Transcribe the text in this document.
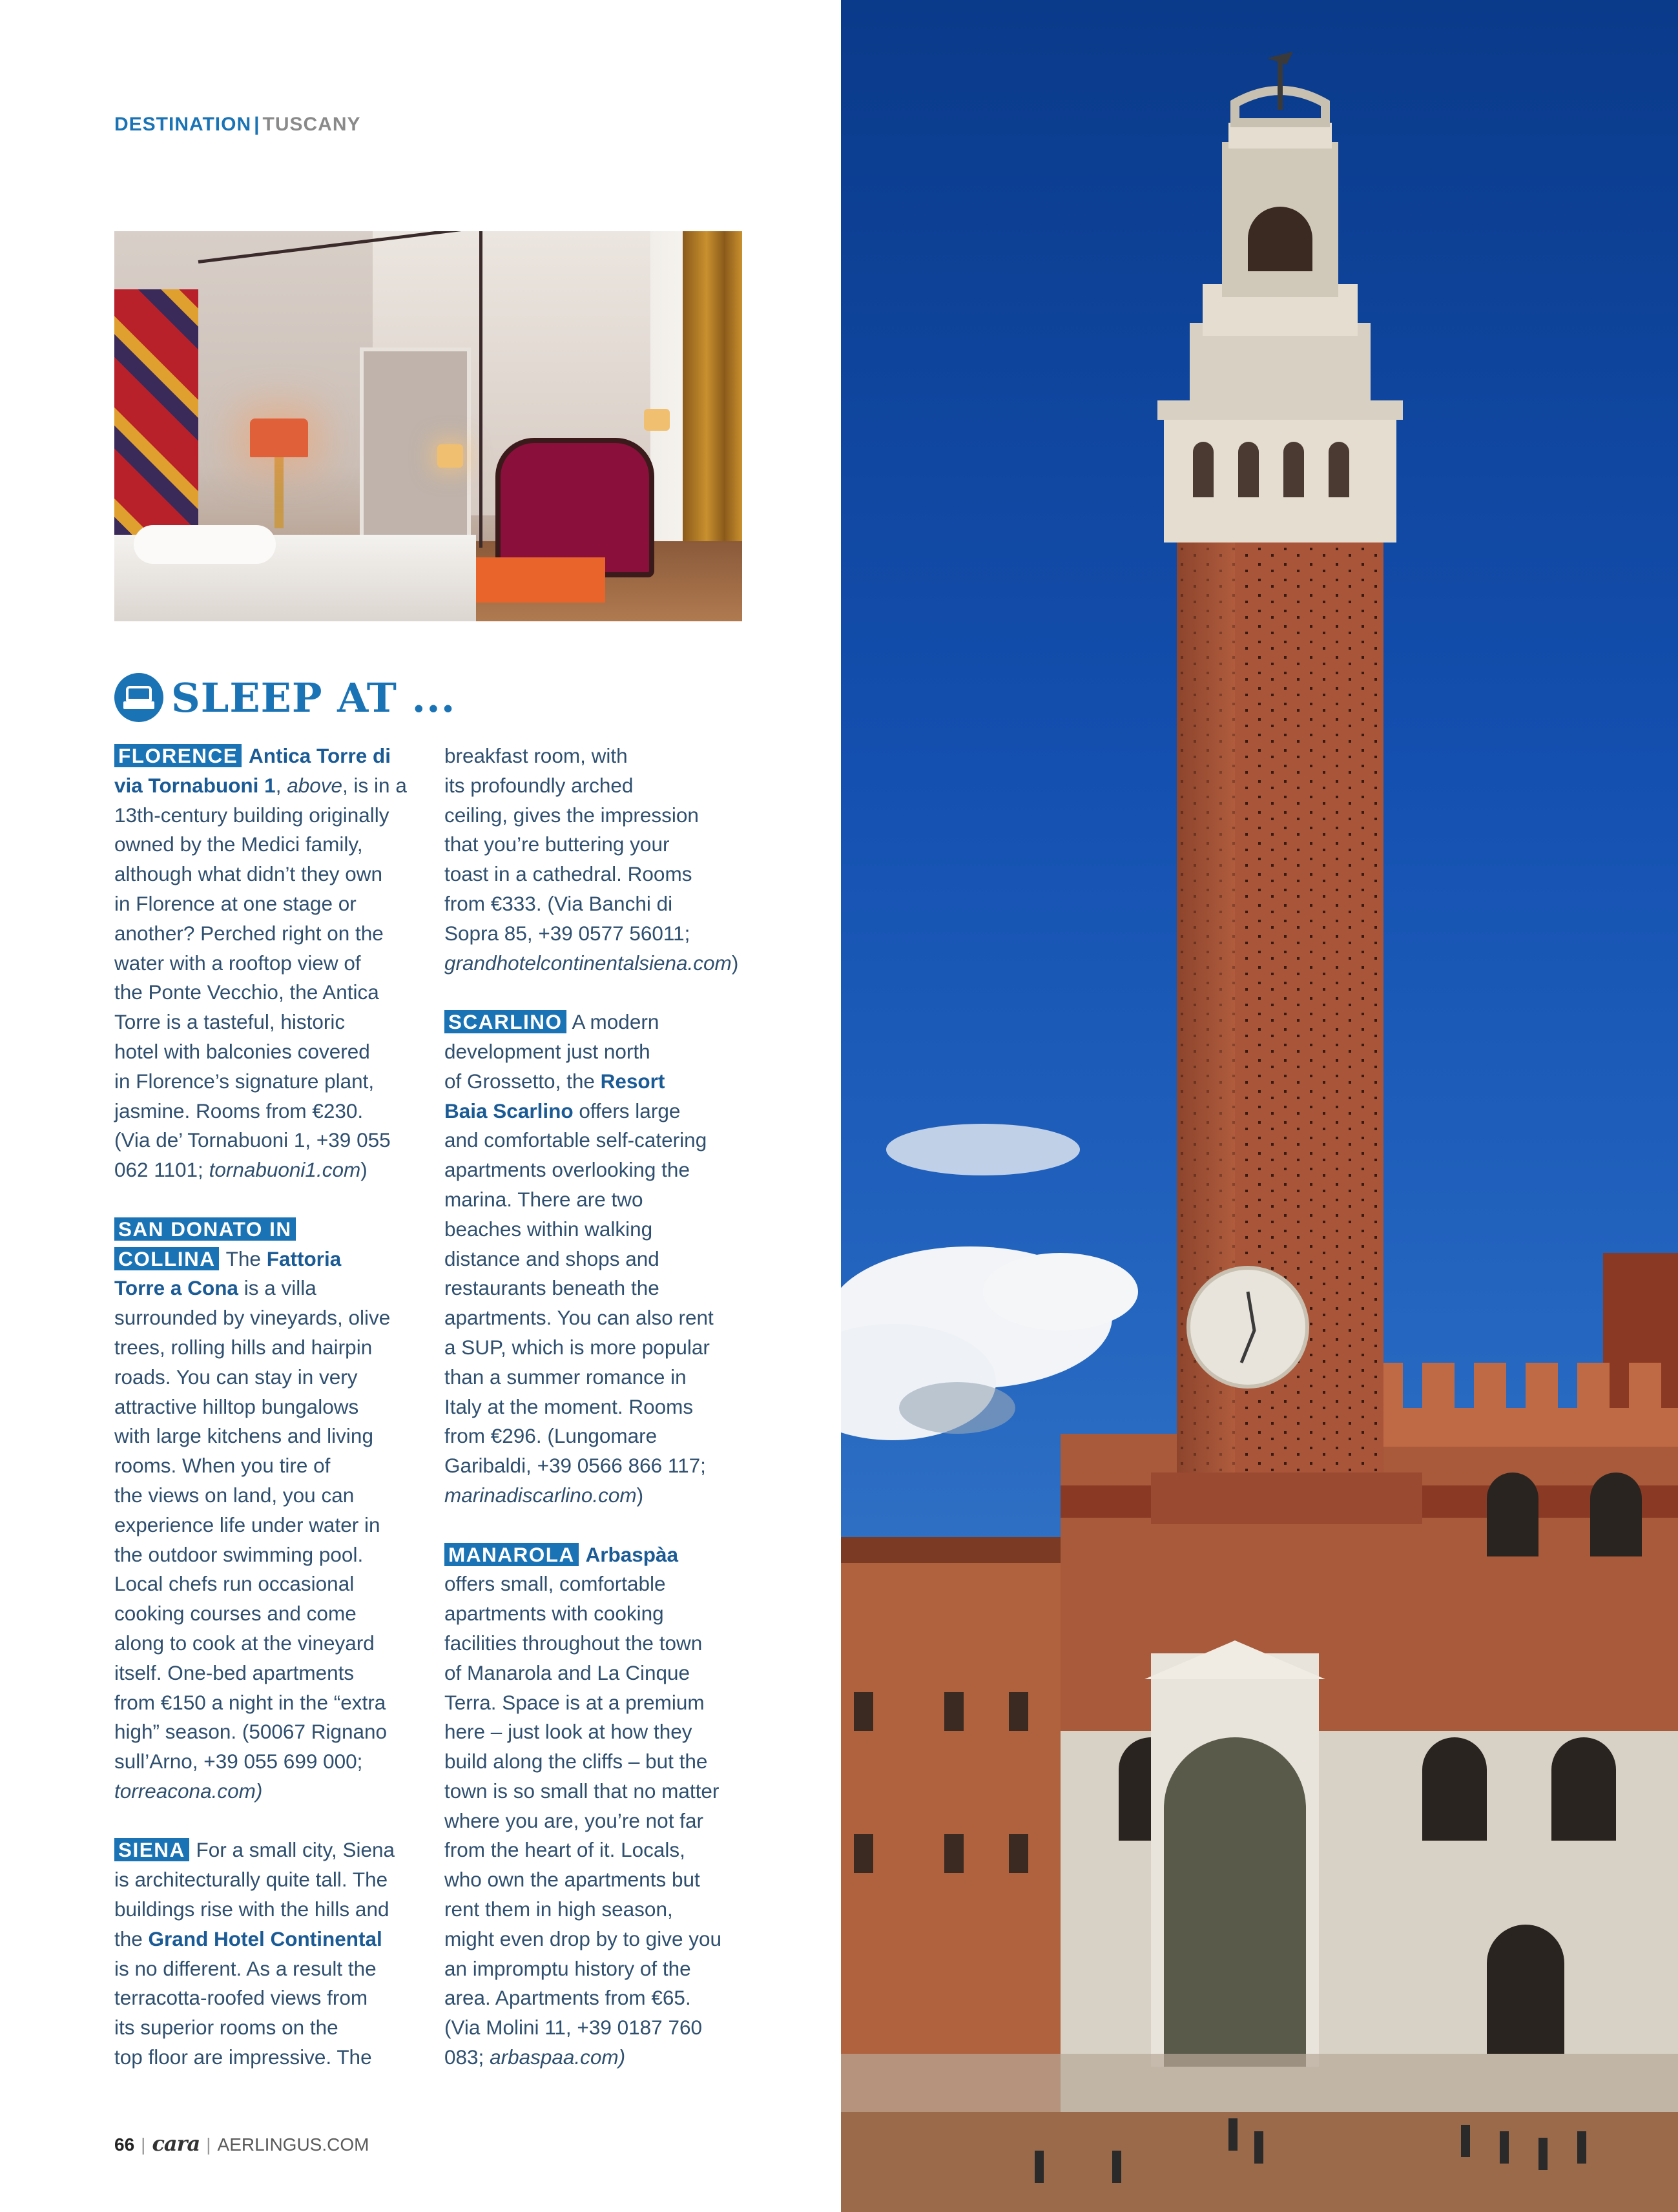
DESTINATION | TUSCANY
SLEEP AT ...
FLORENCE Antica Torre di
via Tornabuoni 1, above, is in a
13th-century building originally
owned by the Medici family,
although what didn’t they own
in Florence at one stage or
another? Perched right on the
water with a rooftop view of
the Ponte Vecchio, the Antica
Torre is a tasteful, historic
hotel with balconies covered
in Florence’s signature plant,
jasmine. Rooms from €230.
(Via de’ Tornabuoni 1, +39 055
062 1101; tornabuoni1.com)
SAN DONATO IN
COLLINA The Fattoria
Torre a Cona is a villa
surrounded by vineyards, olive
trees, rolling hills and hairpin
roads. You can stay in very
attractive hilltop bungalows
with large kitchens and living
rooms. When you tire of
the views on land, you can
experience life under water in
the outdoor swimming pool.
Local chefs run occasional
cooking courses and come
along to cook at the vineyard
itself. One-bed apartments
from €150 a night in the “extra
high” season. (50067 Rignano
sull’Arno, +39 055 699 000;
torreacona.com)
SIENA For a small city, Siena
is architecturally quite tall. The
buildings rise with the hills and
the Grand Hotel Continental
is no different. As a result the
terracotta-roofed views from
its superior rooms on the
top floor are impressive. The
breakfast room, with
its profoundly arched
ceiling, gives the impression
that you’re buttering your
toast in a cathedral. Rooms
from €333. (Via Banchi di
Sopra 85, +39 0577 56011;
grandhotelcontinentalsiena.com)
SCARLINO A modern
development just north
of Grossetto, the Resort
Baia Scarlino offers large
and comfortable self-catering
apartments overlooking the
marina. There are two
beaches within walking
distance and shops and
restaurants beneath the
apartments. You can also rent
a SUP, which is more popular
than a summer romance in
Italy at the moment. Rooms
from €296. (Lungomare
Garibaldi, +39 0566 866 117;
marinadiscarlino.com)
MANAROLA Arbaspàa
offers small, comfortable
apartments with cooking
facilities throughout the town
of Manarola and La Cinque
Terra. Space is at a premium
here – just look at how they
build along the cliffs – but the
town is so small that no matter
where you are, you’re not far
from the heart of it. Locals,
who own the apartments but
rent them in high season,
might even drop by to give you
an impromptu history of the
area. Apartments from €65.
(Via Molini 11, +39 0187 760
083; arbaspaa.com)
66 | cara | AERLINGUS.COM
